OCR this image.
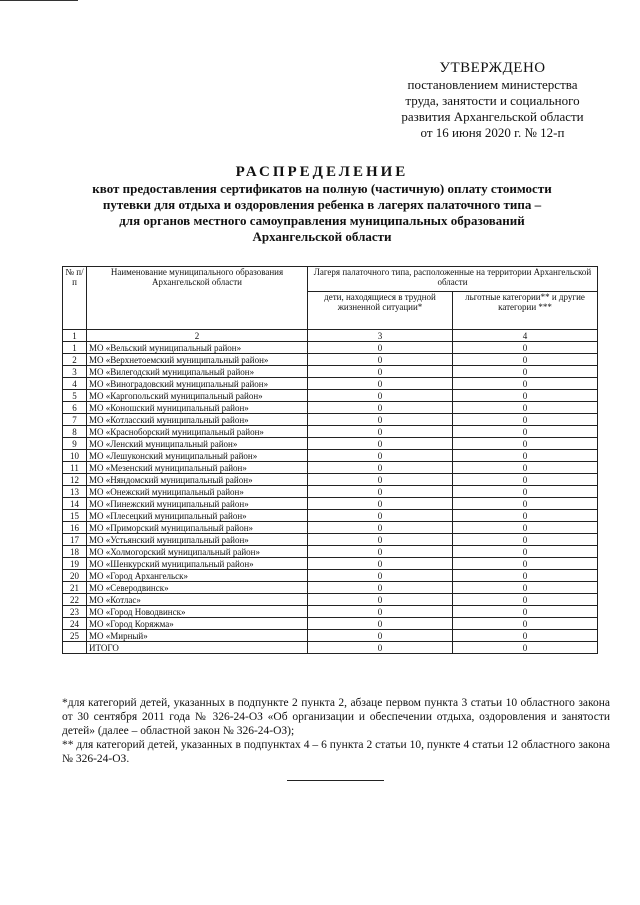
УТВЕРЖДЕНО
постановлением министерства
труда, занятости и социального
развития Архангельской области
от 16 июня 2020 г. № 12-п
РАСПРЕДЕЛЕНИЕ
квот предоставления сертификатов на полную (частичную) оплату стоимости
путевки для отдыха и оздоровления ребенка в лагерях палаточного типа –
для органов местного самоуправления муниципальных образований
Архангельской области
№ п/п	Наименование муниципального образования Архангельской области	Лагеря палаточного типа, расположенные на территории Архангельской области	
		дети, находящиеся в трудной жизненной ситуации*	льготные категории** и другие категории ***
1	2	3	4
1	МО «Вельский муниципальный район»	0	0
2	МО «Верхнетоемский муниципальный район»	0	0
3	МО «Вилегодский муниципальный район»	0	0
4	МО «Виноградовский муниципальный район»	0	0
5	МО «Каргопольский муниципальный район»	0	0
6	МО «Коношский муниципальный район»	0	0
7	МО «Котласский муниципальный район»	0	0
8	МО «Красноборский муниципальный район»	0	0
9	МО «Ленский муниципальный район»	0	0
10	МО «Лешуконский муниципальный район»	0	0
11	МО «Мезенский муниципальный район»	0	0
12	МО «Няндомский муниципальный район»	0	0
13	МО «Онежский муниципальный район»	0	0
14	МО «Пинежский муниципальный район»	0	0
15	МО «Плесецкий муниципальный район»	0	0
16	МО «Приморский муниципальный район»	0	0
17	МО «Устьянский муниципальный район»	0	0
18	МО «Холмогорский муниципальный район»	0	0
19	МО «Шенкурский муниципальный район»	0	0
20	МО «Город Архангельск»	0	0
21	МО «Северодвинск»	0	0
22	МО «Котлас»	0	0
23	МО «Город Новодвинск»	0	0
24	МО «Город Коряжма»	0	0
25	МО «Мирный»	0	0
	ИТОГО	0	0

*для категорий детей, указанных в подпункте 2 пункта 2, абзаце первом пункта 3 статьи 10 областного закона от 30 сентября 2011 года № 326-24-ОЗ «Об организации и обеспечении отдыха, оздоровления и занятости детей» (далее – областной закон № 326-24-ОЗ);

** для категорий детей, указанных в подпунктах 4 – 6 пункта 2 статьи 10, пункте 4 статьи 12 областного закона № 326-24-ОЗ.
